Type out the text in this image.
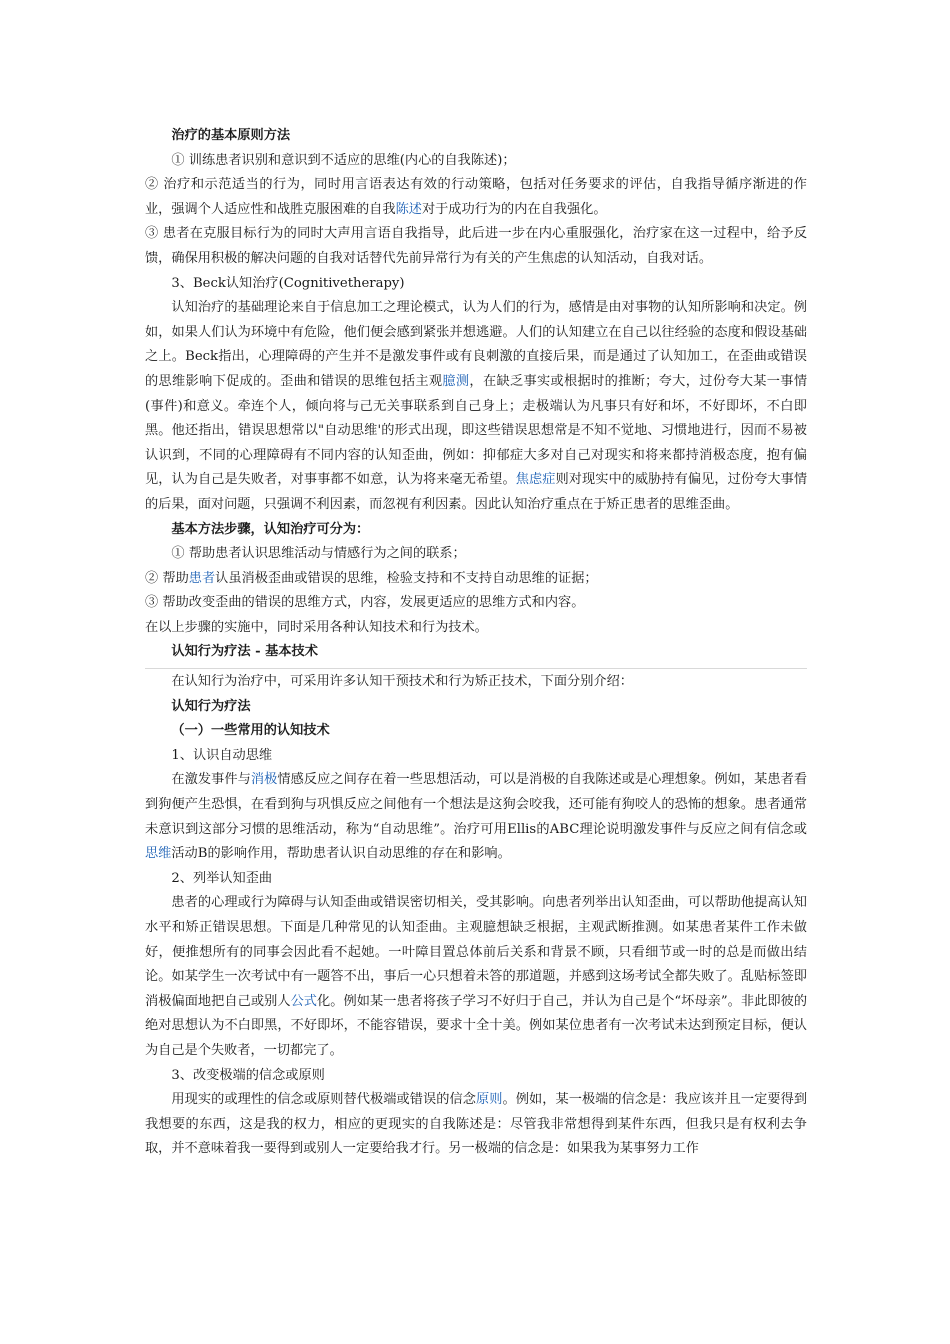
治疗的基本原则方法

① 训练患者识别和意识到不适应的思维(内心的自我陈述)；

② 治疗和示范适当的行为，同时用言语表达有效的行动策略，包括对任务要求的评估，自我指导循序渐进的作业，强调个人适应性和战胜克服困难的自我陈述对于成功行为的内在自我强化。

③ 患者在克服目标行为的同时大声用言语自我指导，此后进一步在内心重服强化，治疗家在这一过程中，给予反馈，确保用积极的解决问题的自我对话替代先前异常行为有关的产生焦虑的认知活动，自我对话。

3、Beck认知治疗(Cognitivetherapy)

认知治疗的基础理论来自于信息加工之理论模式，认为人们的行为，感情是由对事物的认知所影响和决定。例如，如果人们认为环境中有危险，他们便会感到紧张并想逃避。人们的认知建立在自己以往经验的态度和假设基础之上。Beck指出，心理障碍的产生并不是激发事件或有良刺激的直接后果，而是通过了认知加工，在歪曲或错误的思维影响下促成的。歪曲和错误的思维包括主观臆测，在缺乏事实或根据时的推断；夸大，过份夸大某一事情(事件)和意义。牵连个人，倾向将与己无关事联系到自己身上；走极端认为凡事只有好和坏，不好即坏，不白即黑。他还指出，错误思想常以"自动思维'的形式出现，即这些错误思想常是不知不觉地、习惯地进行，因而不易被认识到，不同的心理障碍有不同内容的认知歪曲，例如：抑郁症大多对自己对现实和将来都持消极态度，抱有偏见，认为自己是失败者，对事事都不如意，认为将来毫无希望。焦虑症则对现实中的威胁持有偏见，过份夸大事情的后果，面对问题，只强调不利因素，而忽视有利因素。因此认知治疗重点在于矫正患者的思维歪曲。

基本方法步骤，认知治疗可分为：

① 帮助患者认识思维活动与情感行为之间的联系；

② 帮助患者认虽消极歪曲或错误的思维，检验支持和不支持自动思维的证据；

③ 帮助改变歪曲的错误的思维方式，内容，发展更适应的思维方式和内容。

在以上步骤的实施中，同时采用各种认知技术和行为技术。

认知行为疗法 - 基本技术

在认知行为治疗中，可采用许多认知干预技术和行为矫正技术，下面分别介绍：

认知行为疗法

（一）一些常用的认知技术

1、认识自动思维

在激发事件与消极情感反应之间存在着一些思想活动，可以是消极的自我陈述或是心理想象。例如，某患者看到狗便产生恐惧，在看到狗与巩惧反应之间他有一个想法是这狗会咬我，还可能有狗咬人的恐怖的想象。患者通常未意识到这部分习惯的思维活动，称为“自动思维”。治疗可用Ellis的ABC理论说明激发事件与反应之间有信念或思维活动B的影响作用，帮助患者认识自动思维的存在和影响。

2、列举认知歪曲

患者的心理或行为障碍与认知歪曲或错误密切相关，受其影响。向患者列举出认知歪曲，可以帮助他提高认知水平和矫正错误思想。下面是几种常见的认知歪曲。主观臆想缺乏根据，主观武断推测。如某患者某件工作未做好，便推想所有的同事会因此看不起她。一叶障目置总体前后关系和背景不顾，只看细节或一时的总是而做出结论。如某学生一次考试中有一题答不出，事后一心只想着未答的那道题，并感到这场考试全都失败了。乱贴标签即消极偏面地把自己或别人公式化。例如某一患者将孩子学习不好归于自己，并认为自己是个“坏母亲”。非此即彼的绝对思想认为不白即黑，不好即坏，不能容错误，要求十全十美。例如某位患者有一次考试未达到预定目标，便认为自己是个失败者，一切都完了。

3、改变极端的信念或原则

用现实的或理性的信念或原则替代极端或错误的信念原则。例如，某一极端的信念是：我应该并且一定要得到我想要的东西，这是我的权力，相应的更现实的自我陈述是：尽管我非常想得到某件东西，但我只是有权利去争取，并不意味着我一要得到或别人一定要给我才行。另一极端的信念是：如果我为某事努力工作
